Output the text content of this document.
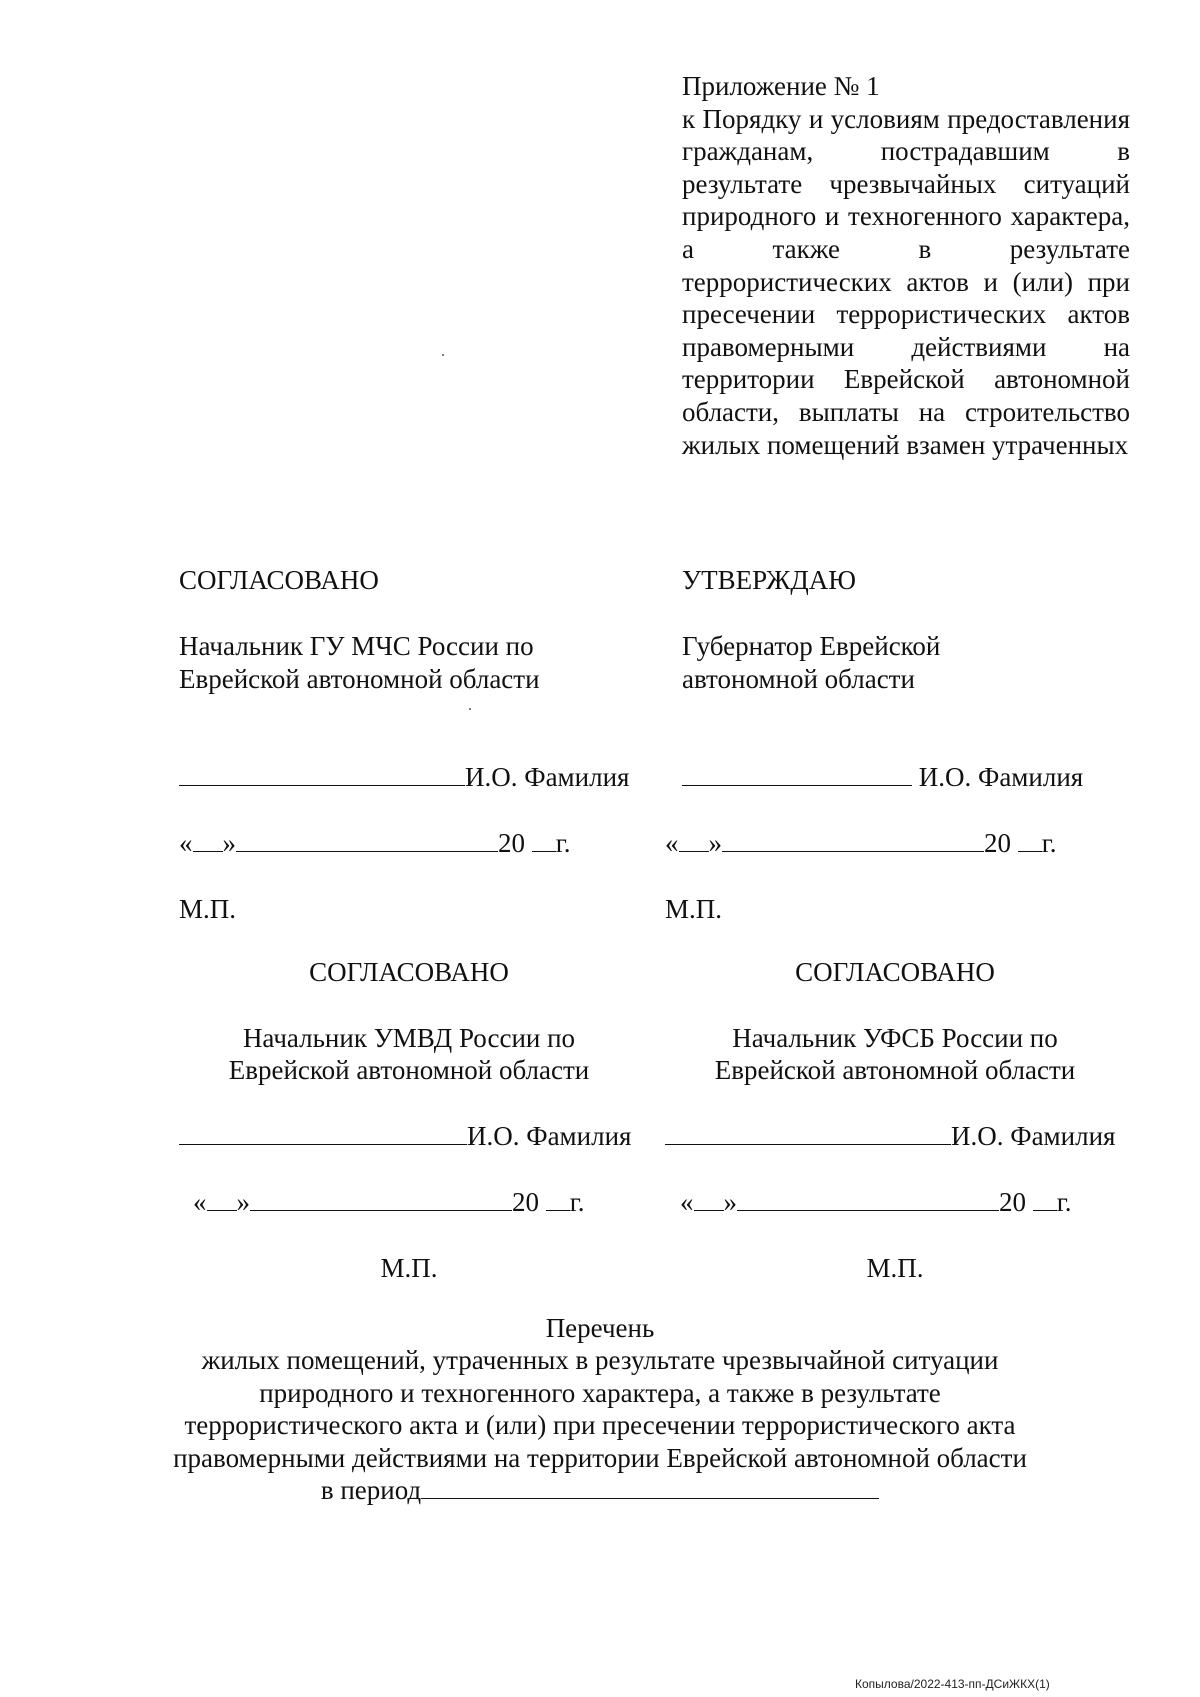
Приложение № 1
к Порядку и условиям предоставления гражданам, пострадавшим в результате чрезвычайных ситуаций природного и техногенного характера, а также в результате террористических актов и (или) при пресечении террористических актов правомерными действиями на территории Еврейской автономной области, выплаты на строительство жилых помещений взамен утраченных
СОГЛАСОВАНО
Начальник ГУ МЧС России по
Еврейской автономной области
И.О. Фамилия
« »	20 г.
М.П.
УТВЕРЖДАЮ
Губернатор Еврейской
автономной области
И.О. Фамилия
« »	20 г.
М.П.
СОГЛАСОВАНО
Начальник УМВД России по
Еврейской автономной области
И.О. Фамилия
« »	20 г.
М.П.
СОГЛАСОВАНО
Начальник УФСБ России по
Еврейской автономной области
И.О. Фамилия
« »	20 г.
М.П.
Перечень
жилых помещений, утраченных в результате чрезвычайной ситуации
природного и техногенного характера, а также в результате
террористического акта и (или) при пресечении террористического акта
правомерными действиями на территории Еврейской автономной области
в период
Копылова/2022-413-пп-ДСиЖКХ(1)
